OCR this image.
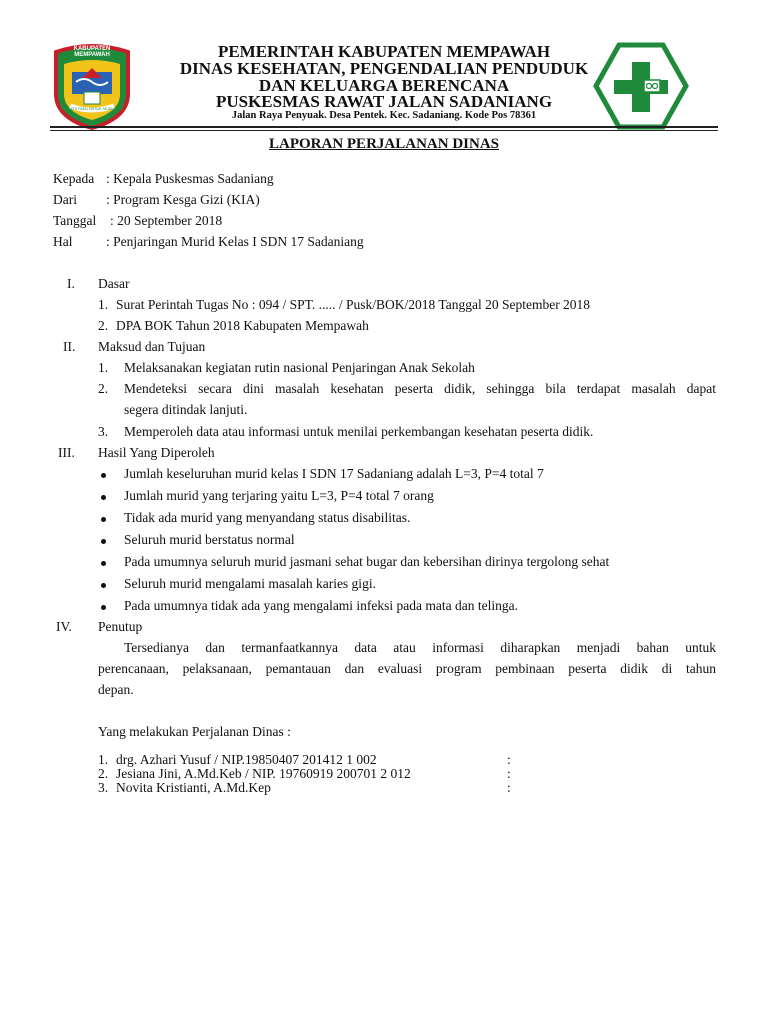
KABUPATEN MEMPAWAH
BERSATU PADU UNTUK SEJAHTERA
PEMERINTAH KABUPATEN MEMPAWAH
DINAS KESEHATAN, PENGENDALIAN PENDUDUK
DAN KELUARGA BERENCANA
PUSKESMAS RAWAT JALAN SADANIANG
Jalan Raya Penyuak. Desa Pentek. Kec. Sadaniang. Kode Pos 78361
LAPORAN PERJALANAN DINAS
Kepada : Kepala Puskesmas Sadaniang
Dari : Program Kesga Gizi (KIA)
Tanggal : 20 September 2018
Hal : Penjaringan Murid Kelas I SDN 17 Sadaniang
I. Dasar
1. Surat Perintah Tugas No : 094 / SPT. ..... / Pusk/BOK/2018 Tanggal 20 September 2018
2. DPA BOK Tahun 2018 Kabupaten Mempawah
II. Maksud dan Tujuan
1. Melaksanakan kegiatan rutin nasional Penjaringan Anak Sekolah
2. Mendeteksi secara dini masalah kesehatan peserta didik, sehingga bila terdapat masalah dapat
segera ditindak lanjuti.
3. Memperoleh data atau informasi untuk menilai perkembangan kesehatan peserta didik.
III. Hasil Yang Diperoleh
Jumlah keseluruhan murid kelas I SDN 17 Sadaniang adalah L=3, P=4 total 7
Jumlah murid yang terjaring yaitu L=3, P=4 total 7 orang
Tidak ada murid yang menyandang status disabilitas.
Seluruh murid berstatus normal
Pada umumnya seluruh murid jasmani sehat bugar dan kebersihan dirinya tergolong sehat
Seluruh murid mengalami masalah karies gigi.
Pada umumnya tidak ada yang mengalami infeksi pada mata dan telinga.
IV. Penutup
Tersedianya dan termanfaatkannya data atau informasi diharapkan menjadi bahan untuk
perencanaan, pelaksanaan, pemantauan dan evaluasi program pembinaan peserta didik di tahun
depan.
Yang melakukan Perjalanan Dinas :
1. drg. Azhari Yusuf / NIP.19850407 201412 1 002	:
2. Jesiana Jini, A.Md.Keb / NIP. 19760919 200701 2 012	:
3. Novita Kristianti, A.Md.Kep	:
